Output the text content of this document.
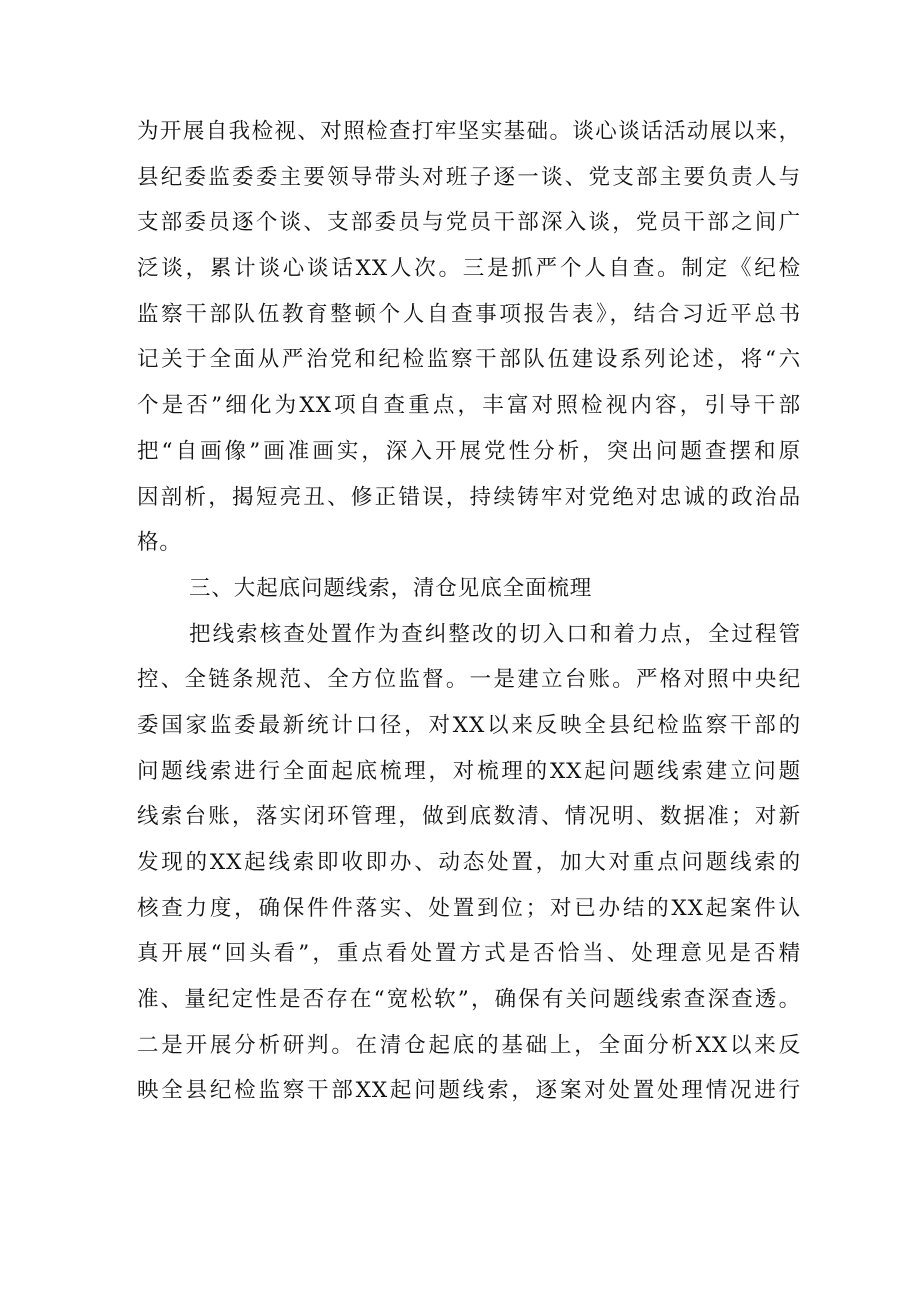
为开展自我检视、对照检查打牢坚实基础。谈心谈话活动展以来，
县纪委监委委主要领导带头对班子逐一谈、党支部主要负责人与
支部委员逐个谈、支部委员与党员干部深入谈，党员干部之间广
泛谈，累计谈心谈话XX人次。三是抓严个人自查。制定《纪检
监察干部队伍教育整顿个人自查事项报告表》，结合习近平总书
记关于全面从严治党和纪检监察干部队伍建设系列论述，将“六
个是否”细化为XX项自查重点，丰富对照检视内容，引导干部
把“自画像”画准画实，深入开展党性分析，突出问题查摆和原
因剖析，揭短亮丑、修正错误，持续铸牢对党绝对忠诚的政治品
格。
三、大起底问题线索，清仓见底全面梳理
把线索核查处置作为查纠整改的切入口和着力点，全过程管
控、全链条规范、全方位监督。一是建立台账。严格对照中央纪
委国家监委最新统计口径，对XX以来反映全县纪检监察干部的
问题线索进行全面起底梳理，对梳理的XX起问题线索建立问题
线索台账，落实闭环管理，做到底数清、情况明、数据准；对新
发现的XX起线索即收即办、动态处置，加大对重点问题线索的
核查力度，确保件件落实、处置到位；对已办结的XX起案件认
真开展“回头看”，重点看处置方式是否恰当、处理意见是否精
准、量纪定性是否存在“宽松软”，确保有关问题线索查深查透。
二是开展分析研判。在清仓起底的基础上，全面分析XX以来反
映全县纪检监察干部XX起问题线索，逐案对处置处理情况进行
